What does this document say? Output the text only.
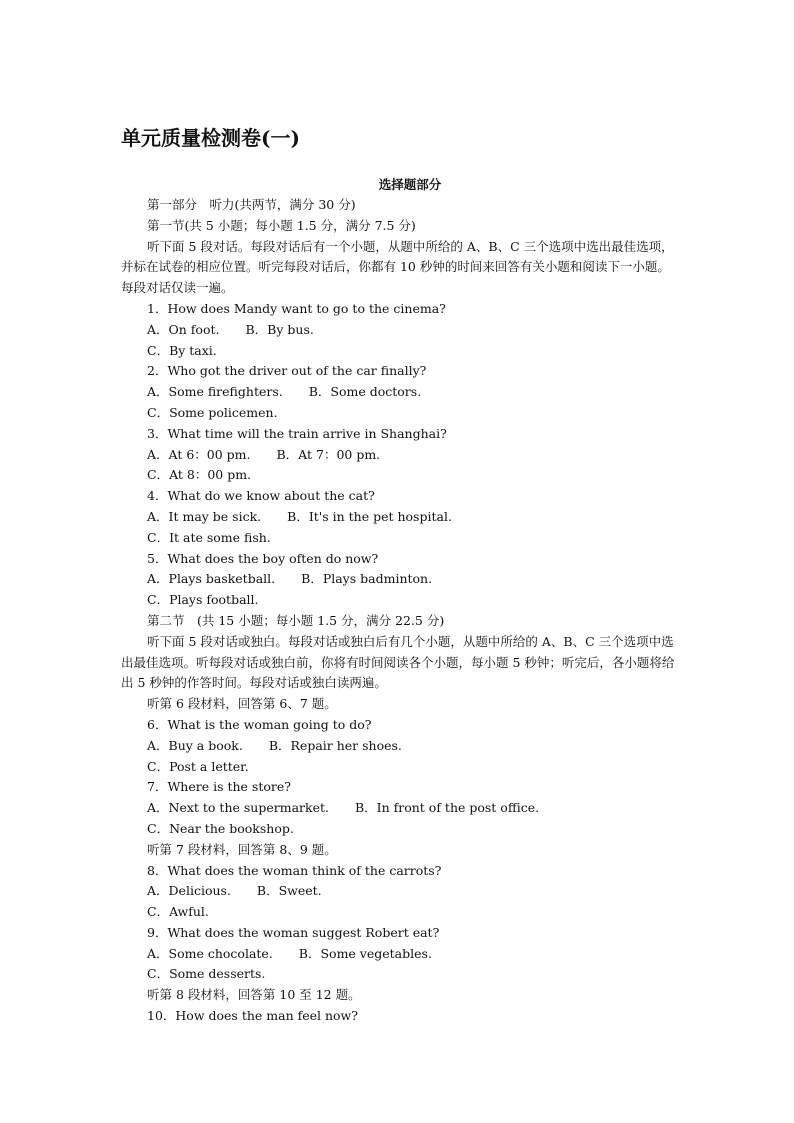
单元质量检测卷(一)
选择题部分
第一部分　听力(共两节，满分 30 分)
第一节(共 5 小题；每小题 1.5 分，满分 7.5 分)
听下面 5 段对话。每段对话后有一个小题，从题中所给的 A、B、C 三个选项中选出最佳选项，并标在试卷的相应位置。听完每段对话后，你都有 10 秒钟的时间来回答有关小题和阅读下一小题。每段对话仅读一遍。
1．How does Mandy want to go to the cinema?
A．On foot. B．By bus.
C．By taxi.
2．Who got the driver out of the car finally?
A．Some firefighters. B．Some doctors.
C．Some policemen.
3．What time will the train arrive in Shanghai?
A．At 6：00 pm. B．At 7：00 pm.
C．At 8：00 pm.
4．What do we know about the cat?
A．It may be sick. B．It's in the pet hospital.
C．It ate some fish.
5．What does the boy often do now?
A．Plays basketball. B．Plays badminton.
C．Plays football.
第二节　(共 15 小题；每小题 1.5 分，满分 22.5 分)
听下面 5 段对话或独白。每段对话或独白后有几个小题，从题中所给的 A、B、C 三个选项中选出最佳选项。听每段对话或独白前，你将有时间阅读各个小题，每小题 5 秒钟；听完后，各小题将给出 5 秒钟的作答时间。每段对话或独白读两遍。
听第 6 段材料，回答第 6、7 题。
6．What is the woman going to do?
A．Buy a book. B．Repair her shoes.
C．Post a letter.
7．Where is the store?
A．Next to the supermarket. B．In front of the post office.
C．Near the bookshop.
听第 7 段材料，回答第 8、9 题。
8．What does the woman think of the carrots?
A．Delicious. B．Sweet.
C．Awful.
9．What does the woman suggest Robert eat?
A．Some chocolate. B．Some vegetables.
C．Some desserts.
听第 8 段材料，回答第 10 至 12 题。
10．How does the man feel now?
